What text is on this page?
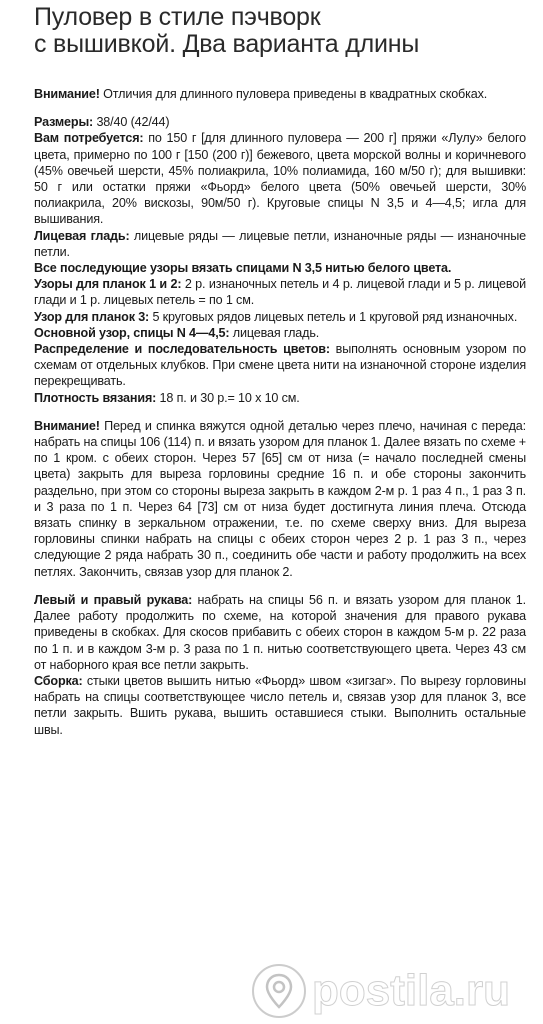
Пуловер в стиле пэчворк
с вышивкой. Два варианта длины

Внимание! Отличия для длинного пуловера приведены в квадратных скобках.

Размеры: 38/40 (42/44)

Вам потребуется: по 150 г [для длинного пуловера — 200 г] пряжи «Лулу» белого цвета, примерно по 100 г [150 (200 г)] бежевого, цвета морской волны и коричневого (45% овечьей шерсти, 45% полиакрила, 10% полиамида, 160 м/50 г); для вышивки: 50 г или остатки пряжи «Фьорд» белого цвета (50% овечьей шерсти, 30% полиакрила, 20% вискозы, 90м/50 г). Круговые спицы N 3,5 и 4—4,5; игла для вышивания.

Лицевая гладь: лицевые ряды — лицевые петли, изнаночные ряды — изнаночные петли.

Все последующие узоры вязать спицами N 3,5 нитью белого цвета.

Узоры для планок 1 и 2: 2 р. изнаночных петель и 4 р. лицевой глади и 5 р. лицевой глади и 1 р. лицевых петель = по 1 см.

Узор для планок 3: 5 круговых рядов лицевых петель и 1 круговой ряд изнаночных.

Основной узор, спицы N 4—4,5: лицевая гладь.

Распределение и последовательность цветов: выполнять основным узором по схемам от отдельных клубков. При смене цвета нити на изнаночной стороне изделия перекрещивать.

Плотность вязания: 18 п. и 30 р.= 10 х 10 см.

Внимание! Перед и спинка вяжутся одной деталью через плечо, начиная с переда: набрать на спицы 106 (114) п. и вязать узором для планок 1. Далее вязать по схеме + по 1 кром. с обеих сторон. Через 57 [65] см от низа (= начало последней смены цвета) закрыть для выреза горловины средние 16 п. и обе стороны закончить раздельно, при этом со стороны выреза закрыть в каждом 2-м р. 1 раз 4 п., 1 раз 3 п. и 3 раза по 1 п. Через 64 [73] см от низа будет достигнута линия плеча. Отсюда вязать спинку в зеркальном отражении, т.е. по схеме сверху вниз. Для выреза горловины спинки набрать на спицы с обеих сторон через 2 р. 1 раз 3 п., через следующие 2 ряда набрать 30 п., соединить обе части и работу продолжить на всех петлях. Закончить, связав узор для планок 2.

Левый и правый рукава: набрать на спицы 56 п. и вязать узором для планок 1. Далее работу продолжить по схеме, на которой значения для правого рукава приведены в скобках. Для скосов прибавить с обеих сторон в каждом 5-м р. 22 раза по 1 п. и в каждом 3-м р. 3 раза по 1 п. нитью соответствующего цвета. Через 43 см от наборного края все петли закрыть.

Сборка: стыки цветов вышить нитью «Фьорд» швом «зигзаг». По вырезу горловины набрать на спицы соответствующее число петель и, связав узор для планок 3, все петли закрыть. Вшить рукава, вышить оставшиеся стыки. Выполнить остальные швы.

postila.ru
